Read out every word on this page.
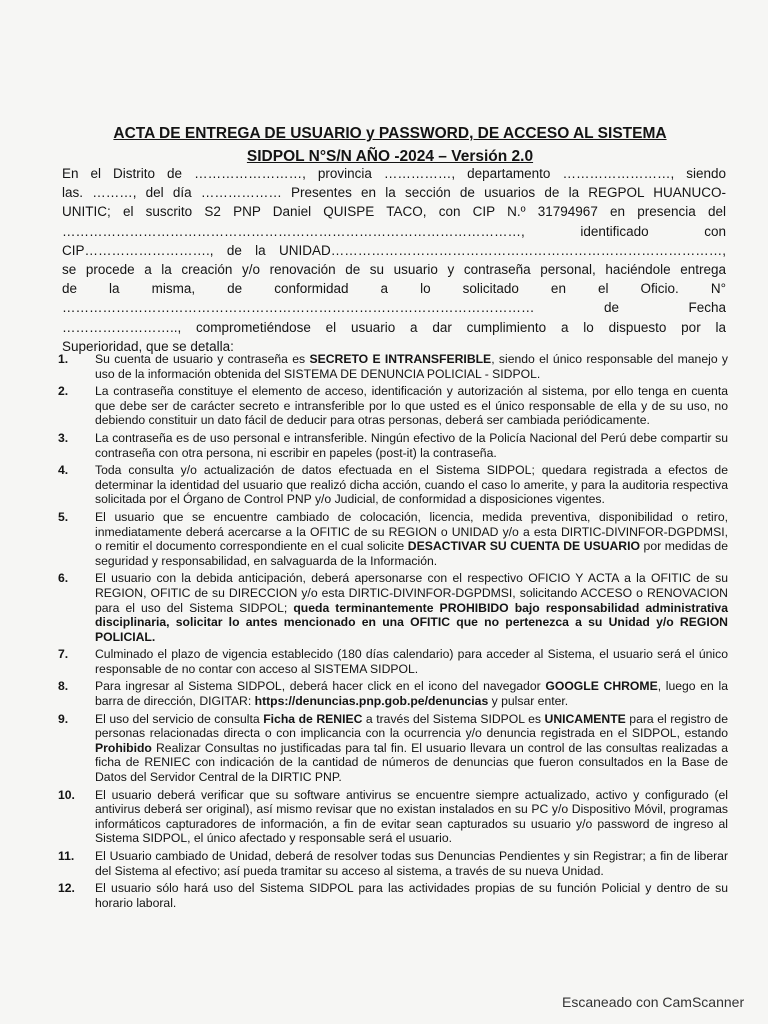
ACTA DE ENTREGA DE USUARIO y PASSWORD, DE ACCESO AL SISTEMA
SIDPOL N°S/N AÑO -2024 – Versión 2.0
En el Distrito de ……………………, provincia ……………, departamento ……………………, siendo
las. ………, del día ……………… Presentes en la sección de usuarios de la REGPOL HUANUCO-
UNITIC; el suscrito S2 PNP Daniel QUISPE TACO, con CIP N.º 31794967 en presencia del
…………………………………………………………………………………………, identificado con
CIP………………………., de la UNIDAD……………………………………………………………………………,
se procede a la creación y/o renovación de su usuario y contraseña personal, haciéndole entrega
de la misma, de conformidad a lo solicitado en el Oficio. N°
…………………………………………………………………………………………… de Fecha
…………………….., comprometiéndose el usuario a dar cumplimiento a lo dispuesto por la
Superioridad, que se detalla:
1.	Su cuenta de usuario y contraseña es SECRETO E INTRANSFERIBLE, siendo el único responsable del manejo y uso de la información obtenida del SISTEMA DE DENUNCIA POLICIAL - SIDPOL.
2.	La contraseña constituye el elemento de acceso, identificación y autorización al sistema, por ello tenga en cuenta que debe ser de carácter secreto e intransferible por lo que usted es el único responsable de ella y de su uso, no debiendo constituir un dato fácil de deducir para otras personas, deberá ser cambiada periódicamente.
3.	La contraseña es de uso personal e intransferible. Ningún efectivo de la Policía Nacional del Perú debe compartir su contraseña con otra persona, ni escribir en papeles (post-it) la contraseña.
4.	Toda consulta y/o actualización de datos efectuada en el Sistema SIDPOL; quedara registrada a efectos de determinar la identidad del usuario que realizó dicha acción, cuando el caso lo amerite, y para la auditoria respectiva solicitada por el Órgano de Control PNP y/o Judicial, de conformidad a disposiciones vigentes.
5.	El usuario que se encuentre cambiado de colocación, licencia, medida preventiva, disponibilidad o retiro, inmediatamente deberá acercarse a la OFITIC de su REGION o UNIDAD y/o a esta DIRTIC-DIVINFOR-DGPDMSI, o remitir el documento correspondiente en el cual solicite DESACTIVAR SU CUENTA DE USUARIO por medidas de seguridad y responsabilidad, en salvaguarda de la Información.
6.	El usuario con la debida anticipación, deberá apersonarse con el respectivo OFICIO Y ACTA a la OFITIC de su REGION, OFITIC de su DIRECCION y/o esta DIRTIC-DIVINFOR-DGPDMSI, solicitando ACCESO o RENOVACION para el uso del Sistema SIDPOL; queda terminantemente PROHIBIDO bajo responsabilidad administrativa disciplinaria, solicitar lo antes mencionado en una OFITIC que no pertenezca a su Unidad y/o REGION POLICIAL.
7.	Culminado el plazo de vigencia establecido (180 días calendario) para acceder al Sistema, el usuario será el único responsable de no contar con acceso al SISTEMA SIDPOL.
8.	Para ingresar al Sistema SIDPOL, deberá hacer click en el icono del navegador GOOGLE CHROME, luego en la barra de dirección, DIGITAR: https://denuncias.pnp.gob.pe/denuncias y pulsar enter.
9.	El uso del servicio de consulta Ficha de RENIEC a través del Sistema SIDPOL es UNICAMENTE para el registro de personas relacionadas directa o con implicancia con la ocurrencia y/o denuncia registrada en el SIDPOL, estando Prohibido Realizar Consultas no justificadas para tal fin. El usuario llevara un control de las consultas realizadas a ficha de RENIEC con indicación de la cantidad de números de denuncias que fueron consultados en la Base de Datos del Servidor Central de la DIRTIC PNP.
10.	El usuario deberá verificar que su software antivirus se encuentre siempre actualizado, activo y configurado (el antivirus deberá ser original), así mismo revisar que no existan instalados en su PC y/o Dispositivo Móvil, programas informáticos capturadores de información, a fin de evitar sean capturados su usuario y/o password de ingreso al Sistema SIDPOL, el único afectado y responsable será el usuario.
11.	El Usuario cambiado de Unidad, deberá de resolver todas sus Denuncias Pendientes y sin Registrar; a fin de liberar del Sistema al efectivo; así pueda tramitar su acceso al sistema, a través de su nueva Unidad.
12.	El usuario sólo hará uso del Sistema SIDPOL para las actividades propias de su función Policial y dentro de su horario laboral.
Escaneado con CamScanner
